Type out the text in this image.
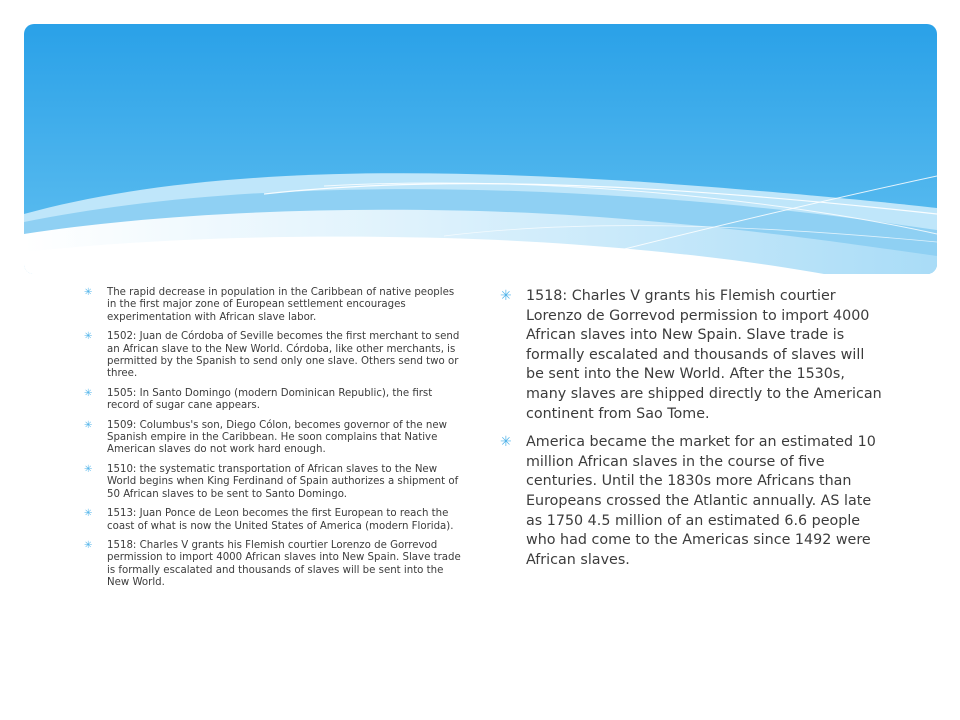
✳ The rapid decrease in population in the Caribbean of native peoples in the first major zone of European settlement encourages experimentation with African slave labor.
✳ 1502: Juan de Córdoba of Seville becomes the first merchant to send an African slave to the New World. Córdoba, like other merchants, is permitted by the Spanish to send only one slave. Others send two or three.
✳ 1505: In Santo Domingo (modern Dominican Republic), the first record of sugar cane appears.
✳ 1509: Columbus's son, Diego Cólon, becomes governor of the new Spanish empire in the Caribbean. He soon complains that Native American slaves do not work hard enough.
✳ 1510: the systematic transportation of African slaves to the New World begins when King Ferdinand of Spain authorizes a shipment of 50 African slaves to be sent to Santo Domingo.
✳ 1513: Juan Ponce de Leon becomes the first European to reach the coast of what is now the United States of America (modern Florida).
✳ 1518: Charles V grants his Flemish courtier Lorenzo de Gorrevod permission to import 4000 African slaves into New Spain. Slave trade is formally escalated and thousands of slaves will be sent into the New World.
✳ 1518: Charles V grants his Flemish courtier Lorenzo de Gorrevod permission to import 4000 African slaves into New Spain. Slave trade is formally escalated and thousands of slaves will be sent into the New World. After the 1530s, many slaves are shipped directly to the American continent from Sao Tome.
✳ America became the market for an estimated 10 million African slaves in the course of five centuries. Until the 1830s more Africans than Europeans crossed the Atlantic annually. AS late as 1750 4.5 million of an estimated 6.6 people who had come to the Americas since 1492 were African slaves.
